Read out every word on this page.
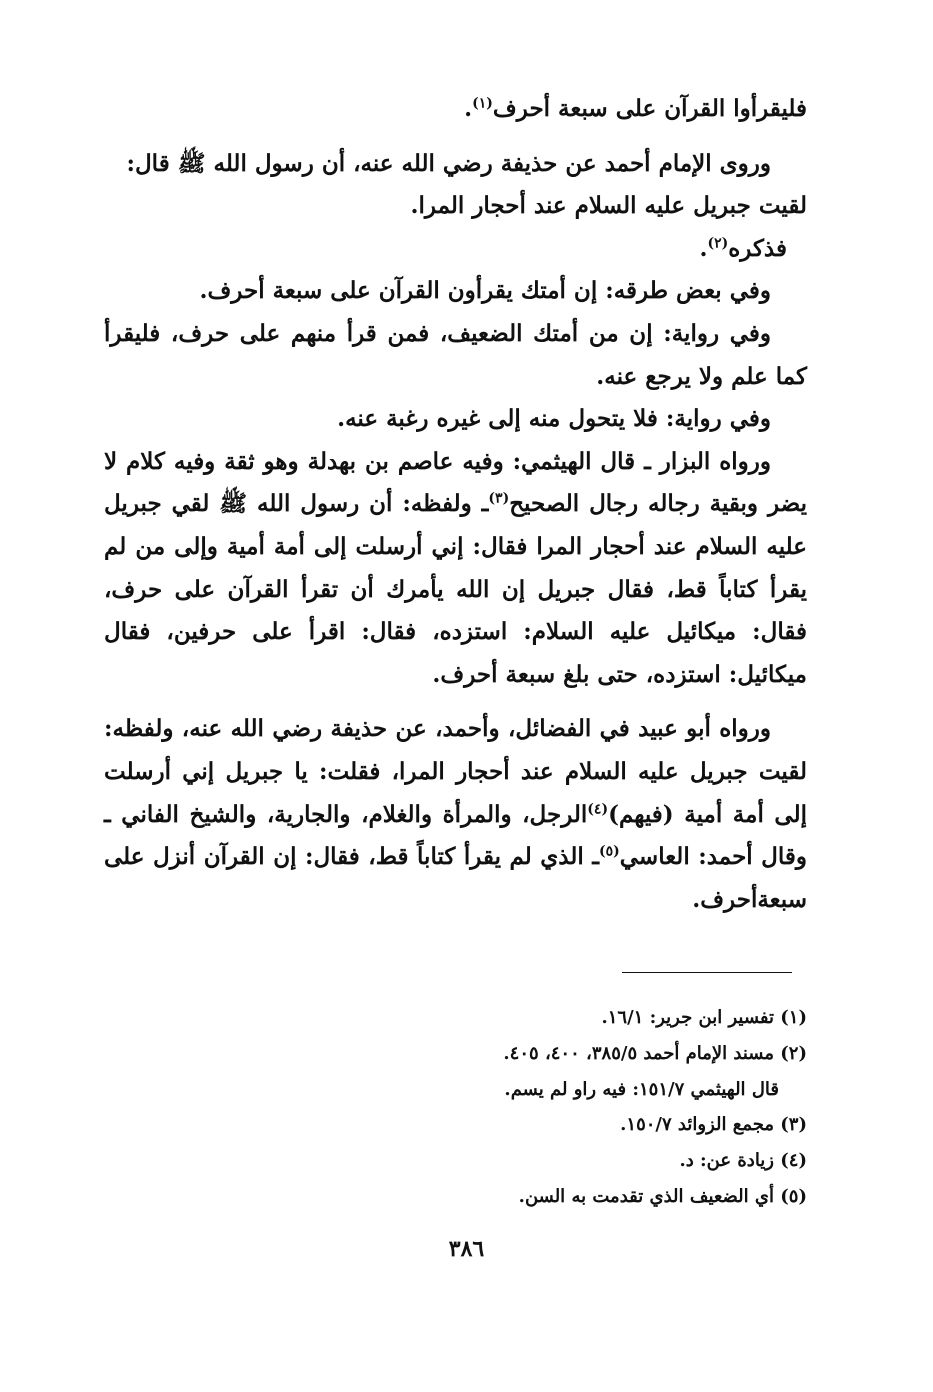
فليقرأوا القرآن على سبعة أحرف$^{(١)}$.

وروى الإمام أحمد عن حذيفة رضي الله عنه، أن رسول الله ﷺ قال:
لقيت جبريل عليه السلام عند أحجار المرا.

فذكره$^{(٢)}$.

وفي بعض طرقه: إن أمتك يقرأون القرآن على سبعة أحرف.

وفي رواية: إن من أمتك الضعيف، فمن قرأ منهم على حرف، فليقرأ كما علم ولا يرجع عنه.

وفي رواية: فلا يتحول منه إلى غيره رغبة عنه.

ورواه البزار ـ قال الهيثمي: وفيه عاصم بن بهدلة وهو ثقة وفيه كلام لا يضر وبقية رجاله رجال الصحيح$^{(٣)}$ـ ولفظه: أن رسول الله ﷺ لقي جبريل عليه السلام عند أحجار المرا فقال: إني أرسلت إلى أمة أمية وإلى من لم يقرأ كتاباً قط، فقال جبريل إن الله يأمرك أن تقرأ القرآن على حرف، فقال: ميكائيل عليه السلام: استزده، فقال: اقرأ على حرفين، فقال ميكائيل: استزده، حتى بلغ سبعة أحرف.

ورواه أبو عبيد في الفضائل، وأحمد، عن حذيفة رضي الله عنه، ولفظه: لقيت جبريل عليه السلام عند أحجار المرا، فقلت: يا جبريل إني أرسلت إلى أمة أمية (فيهم)$^{(٤)}$الرجل، والمرأة والغلام، والجارية، والشيخ الفاني ـ وقال أحمد: العاسي$^{(٥)}$ـ الذي لم يقرأ كتاباً قط، فقال: إن القرآن أنزل على سبعةأحرف.

(١) تفسير ابن جرير: ١٦/١.

(٢) مسند الإمام أحمد ٣٨٥/٥، ٤٠٠، ٤٠٥.

قال الهيثمي ١٥١/٧: فيه راو لم يسم.

(٣) مجمع الزوائد ١٥٠/٧.

(٤) زيادة عن: د.

(٥) أي الضعيف الذي تقدمت به السن.

٣٨٦
